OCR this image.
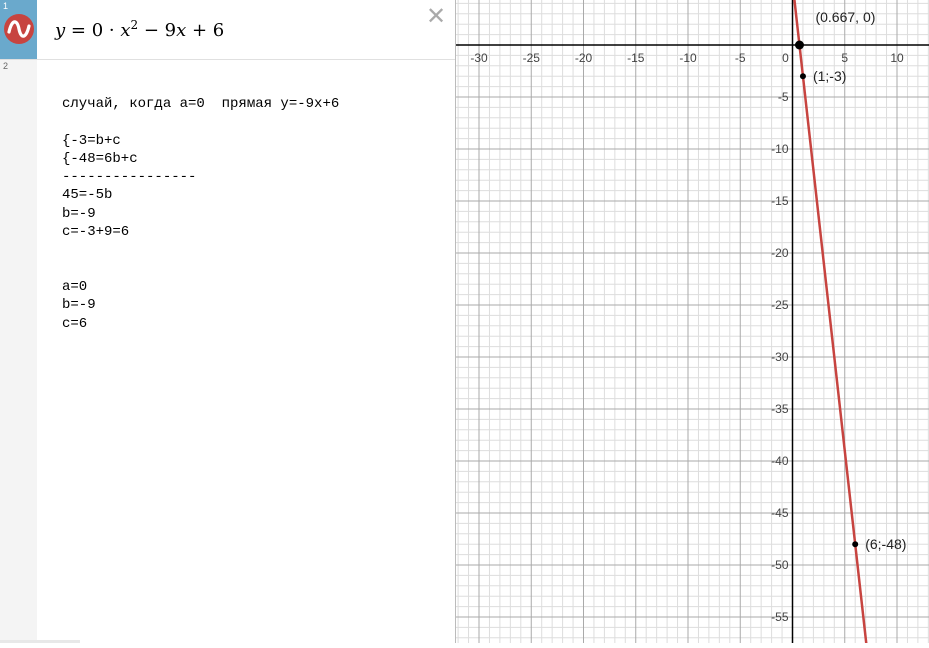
1
$y = 0 \cdot x^2 - 9x + 6$
✕
2
случай, когда a=0  прямая y=-9x+6

{-3=b+c
{-48=6b+c
----------------
45=-5b
b=-9
c=-3+9=6

a=0
b=-9
c=6
-30	-25	-20	-15	-10	-5	0	5	10
-5
-10
-15
-20
-25
-30
-35
-40
-45
-50
-55
(0.667, 0)
(1;-3)
(6;-48)
